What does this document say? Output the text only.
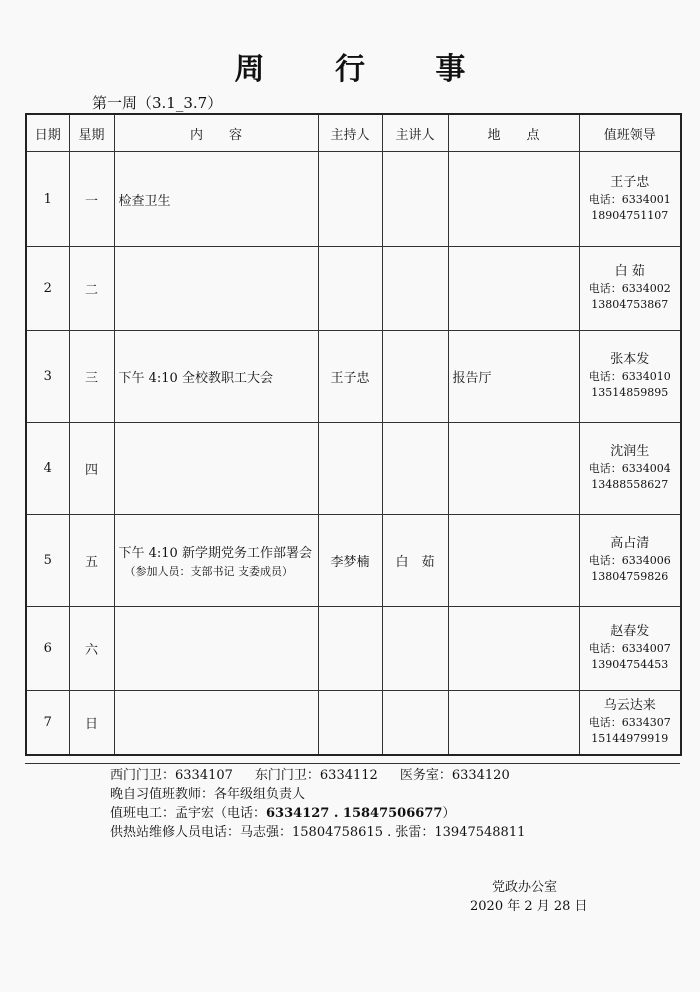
周 行 事
第一周（3.1_3.7）
日期	星期	内　　容	主持人	主讲人	地　　点	值班领导
1	一	检查卫生				王子忠
电话：6334001
18904751107

2	二					白 茹
电话：6334002
13804753867

3	三	下午 4:10 全校教职工大会	王子忠		报告厅	张本发
电话：6334010
13514859895

4	四					沈润生
电话：6334004
13488558627

5	五	下午 4:10 新学期党务工作部署会
（参加人员：支部书记 支委成员）	李梦楠	白　茹		高占清
电话：6334006
13804759826

6	六					赵春发
电话：6334007
13904754453

7	日					乌云达来
电话：6334307
15144979919
西门门卫：6334107 东门门卫：6334112 医务室：6334120
晚自习值班教师：各年级组负责人
值班电工：孟宇宏（电话：6334127 . 15847506677）
供热站维修人员电话：马志强：15804758615 . 张雷：13947548811
党政办公室
2020 年 2 月 28 日
